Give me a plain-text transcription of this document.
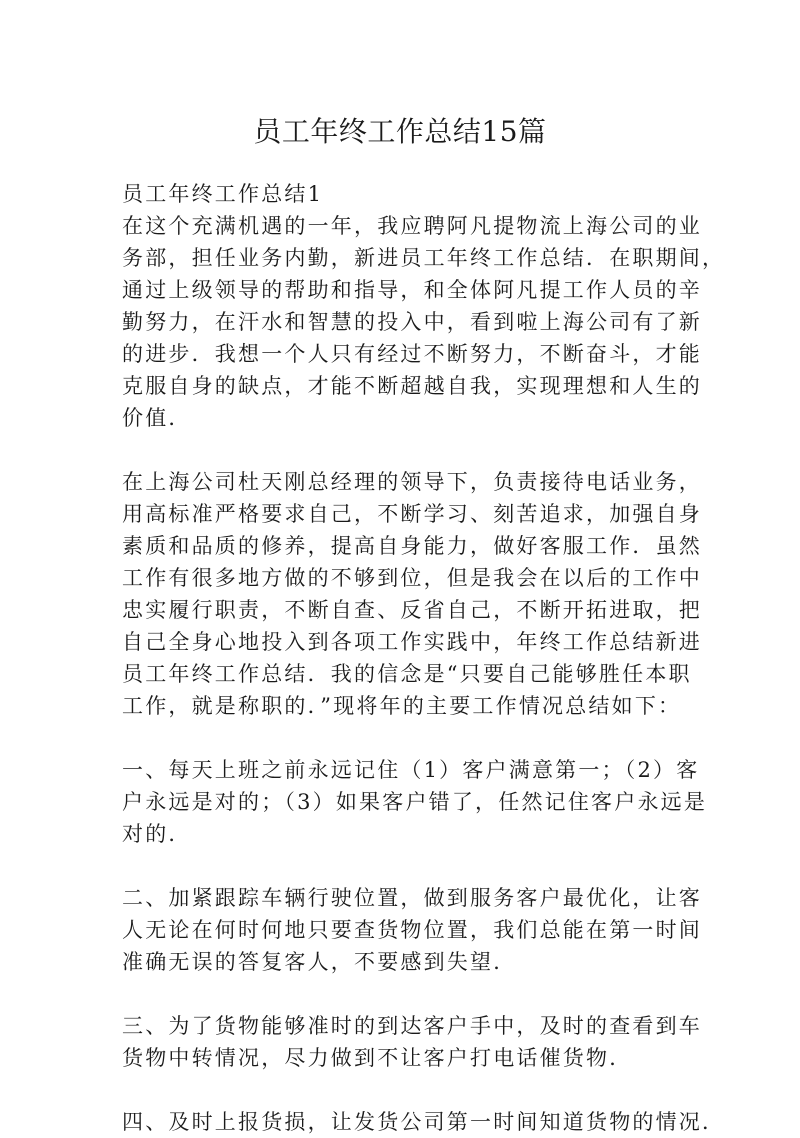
员工年终工作总结15篇
员工年终工作总结1
在这个充满机遇的一年，我应聘阿凡提物流上海公司的业
务部，担任业务内勤，新进员工年终工作总结．在职期间，
通过上级领导的帮助和指导，和全体阿凡提工作人员的辛
勤努力，在汗水和智慧的投入中，看到啦上海公司有了新
的进步．我想一个人只有经过不断努力，不断奋斗，才能
克服自身的缺点，才能不断超越自我，实现理想和人生的
价值．
在上海公司杜天刚总经理的领导下，负责接待电话业务，
用高标准严格要求自己，不断学习、刻苦追求，加强自身
素质和品质的修养，提高自身能力，做好客服工作．虽然
工作有很多地方做的不够到位，但是我会在以后的工作中
忠实履行职责，不断自查、反省自己，不断开拓进取，把
自己全身心地投入到各项工作实践中，年终工作总结新进
员工年终工作总结．我的信念是“只要自己能够胜任本职
工作，就是称职的．”现将年的主要工作情况总结如下：
一、每天上班之前永远记住（1）客户满意第一；（2）客
户永远是对的；（3）如果客户错了，任然记住客户永远是
对的．
二、加紧跟踪车辆行驶位置，做到服务客户最优化，让客
人无论在何时何地只要查货物位置，我们总能在第一时间
准确无误的答复客人，不要感到失望．
三、为了货物能够准时的到达客户手中，及时的查看到车
货物中转情况，尽力做到不让客户打电话催货物．
四、及时上报货损，让发货公司第一时间知道货物的情况．
